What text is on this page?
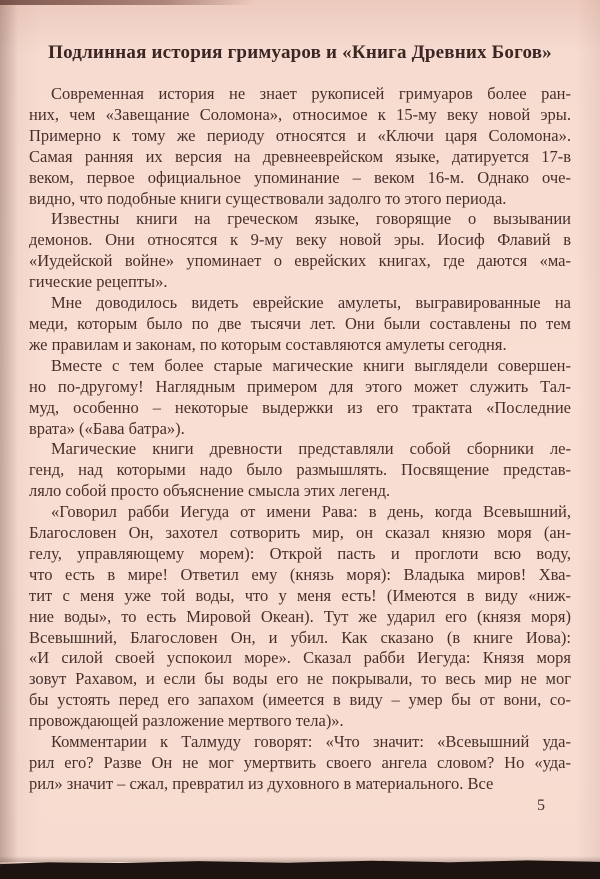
Подлинная история гримуаров и «Книга Древних Богов»
Современная история не знает рукописей гримуаров более ран-
них, чем «Завещание Соломона», относимое к 15-му веку новой эры.
Примерно к тому же периоду относятся и «Ключи царя Соломона».
Самая ранняя их версия на древнееврейском языке, датируется 17-в
веком, первое официальное упоминание – веком 16-м. Однако оче-
видно, что подобные книги существовали задолго то этого периода.
Известны книги на греческом языке, говорящие о вызывании
демонов. Они относятся к 9-му веку новой эры. Иосиф Флавий в
«Иудейской войне» упоминает о еврейских книгах, где даются «ма-
гические рецепты».
Мне доводилось видеть еврейские амулеты, выгравированные на
меди, которым было по две тысячи лет. Они были составлены по тем
же правилам и законам, по которым составляются амулеты сегодня.
Вместе с тем более старые магические книги выглядели совершен-
но по-другому! Наглядным примером для этого может служить Тал-
муд, особенно – некоторые выдержки из его трактата «Последние
врата» («Бава батра»).
Магические книги древности представляли собой сборники ле-
генд, над которыми надо было размышлять. Посвящение представ-
ляло собой просто объяснение смысла этих легенд.
«Говорил рабби Иегуда от имени Рава: в день, когда Всевышний,
Благословен Он, захотел сотворить мир, он сказал князю моря (ан-
гелу, управляющему морем): Открой пасть и проглоти всю воду,
что есть в мире! Ответил ему (князь моря): Владыка миров! Хва-
тит с меня уже той воды, что у меня есть! (Имеются в виду «ниж-
ние воды», то есть Мировой Океан). Тут же ударил его (князя моря)
Всевышний, Благословен Он, и убил. Как сказано (в книге Иова):
«И силой своей успокоил море». Сказал рабби Иегуда: Князя моря
зовут Рахавом, и если бы воды его не покрывали, то весь мир не мог
бы устоять перед его запахом (имеется в виду – умер бы от вони, со-
провождающей разложение мертвого тела)».
Комментарии к Талмуду говорят: «Что значит: «Всевышний уда-
рил его? Разве Он не мог умертвить своего ангела словом? Но «уда-
рил» значит – сжал, превратил из духовного в материального. Все
5
